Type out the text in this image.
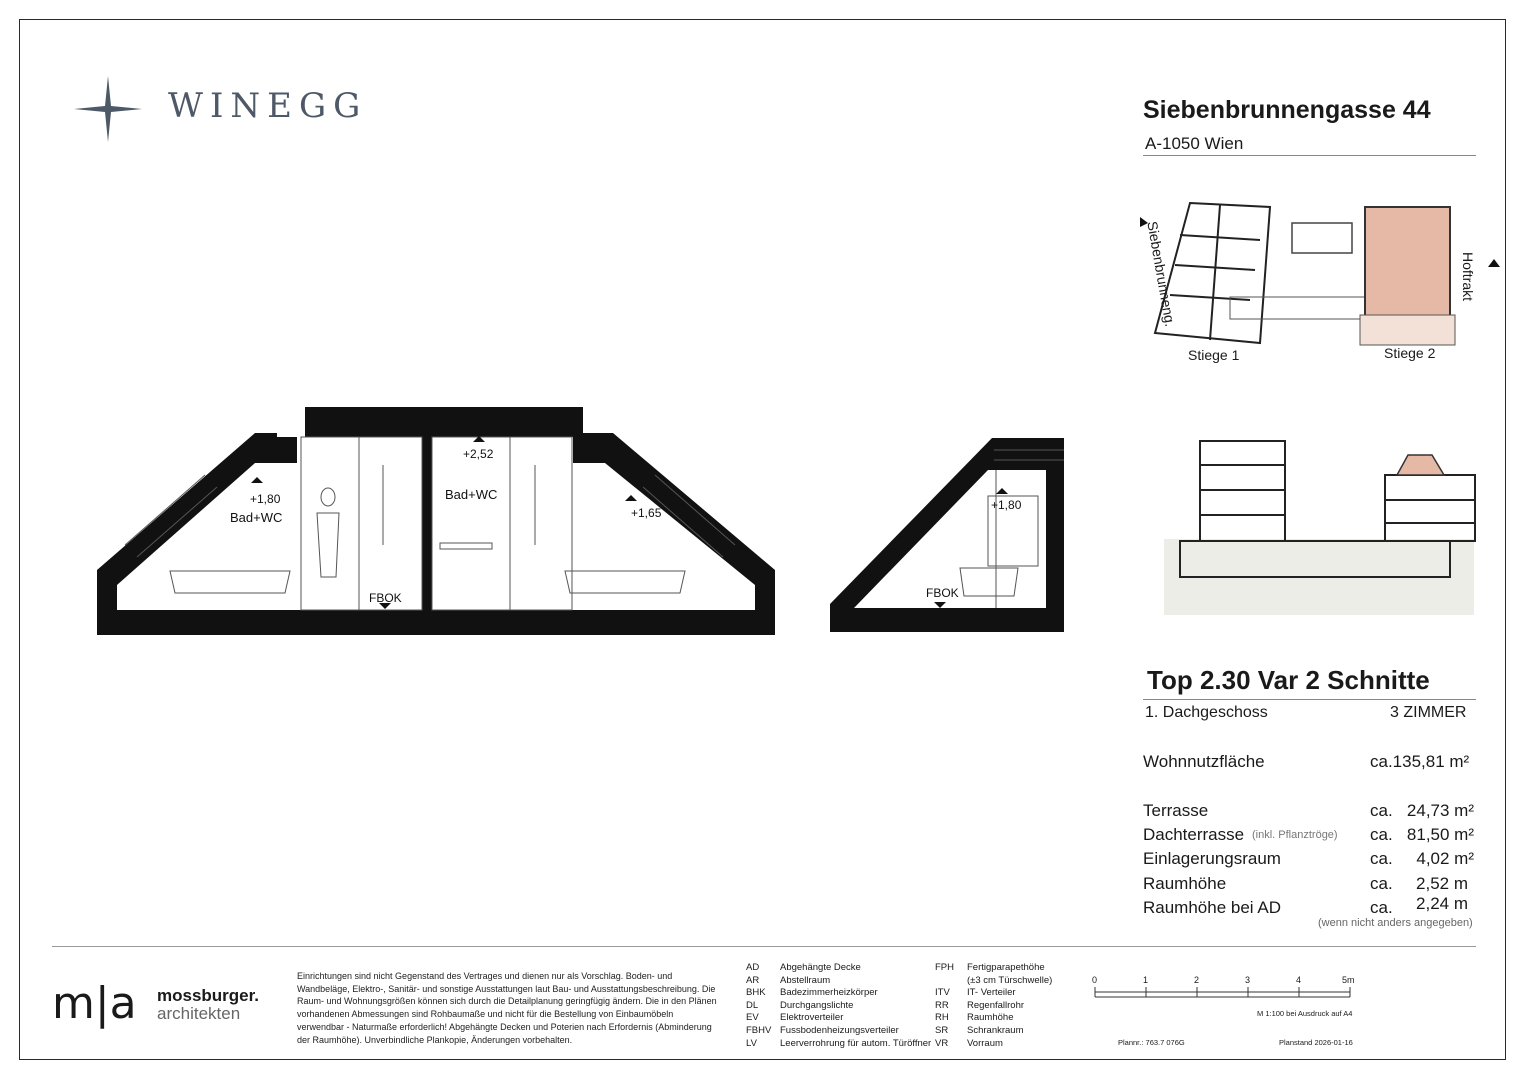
WINEGG	Siebenbrunnengasse 44
A-1050 Wien
Siebenbrunneng.	Hoftrakt
Stiege 1	Stiege 2
+1,80
Bad+WC
+2,52
Bad+WC
+1,65
FBOK
+1,80
FBOK
Top 2.30 Var 2 Schnitte
1. Dachgeschoss	3 ZIMMER
Wohnnutzfläche	ca.135,81 m²
Terrasse	ca. 24,73 m²
Dachterrasse (inkl. Pflanztröge) ca. 81,50 m²
Einlagerungsraum	ca.	4,02 m²
Raumhöhe	ca.	2,52 m
Raumhöhe bei AD	ca.	2,24 m
(wenn nicht anders angegeben)
m|a mossburger.
architekten
Einrichtungen sind nicht Gegenstand des Vertrages und dienen nur als Vorschlag. Boden- und Wandbeläge, Elektro-, Sanitär- und sonstige Ausstattungen laut Bau- und Ausstattungsbeschreibung. Die Raum- und Wohnungsgrößen können sich durch die Detailplanung geringfügig ändern. Die in den Plänen vorhandenen Abmessungen sind Rohbaumaße und nicht für die Bestellung von Einbaumöbeln verwendbar - Naturmaße erforderlich! Abgehängte Decken und Poterien nach Erfordernis (Abminderung der Raumhöhe). Unverbindliche Plankopie, Änderungen vorbehalten.
AD Abgehängte Decke
AR Abstellraum
BHK Badezimmerheizkörper
DL Durchgangslichte
EV Elektroverteiler
FBHV Fussbodenheizungsverteiler
LV Leerverrohrung für autom. Türöffner
FPH Fertigparapethöhe
(±3 cm Türschwelle)
ITV IT- Verteiler
RR Regenfallrohr
RH Raumhöhe
SR Schrankraum
VR Vorraum
0	1	2	3	4	5m
M 1:100 bei Ausdruck auf A4
Plannr.: 763.7 076G	Planstand 2026-01-16
